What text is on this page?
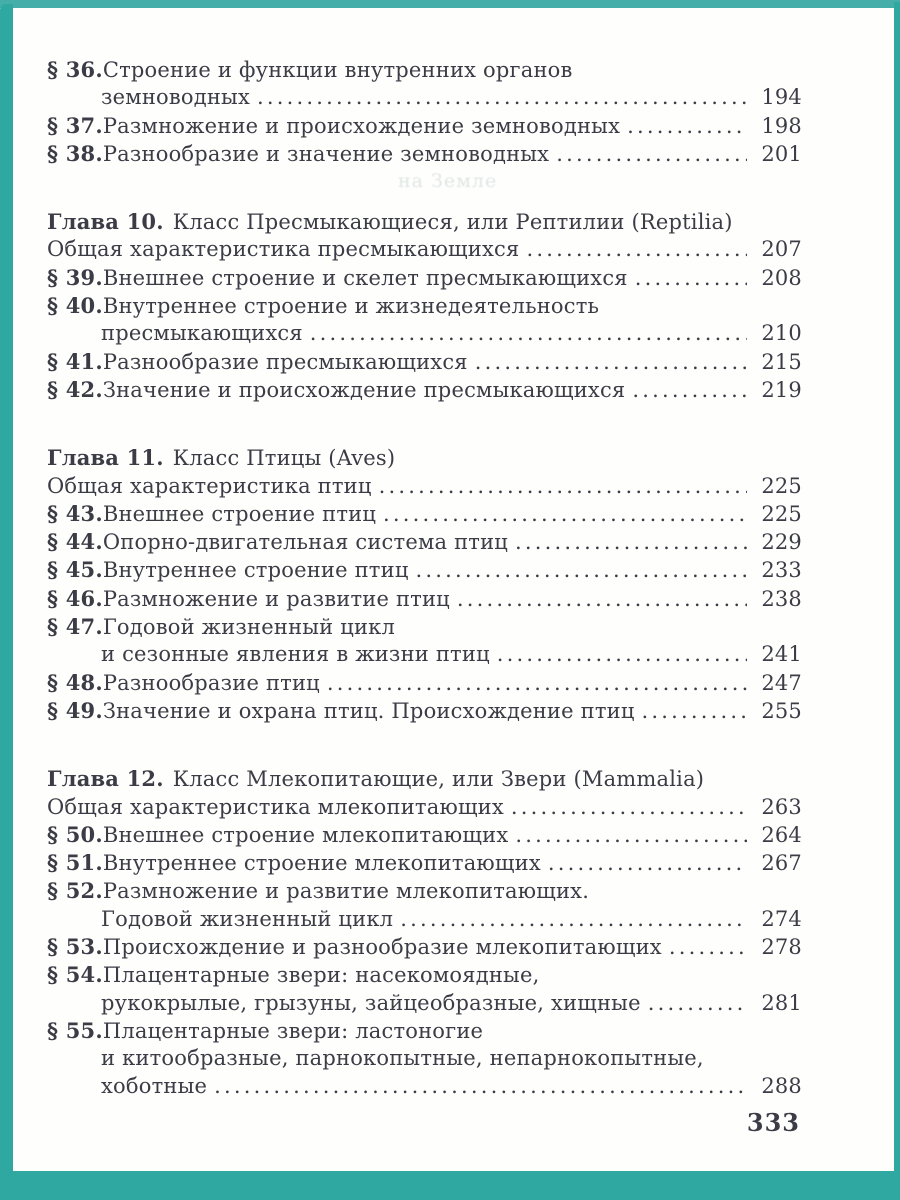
на Земле
§ 36. Строение и функции внутренних органов
земноводных .....	194
§ 37. Размножение и происхождение земноводных .....	198
§ 38. Разнообразие и значение земноводных .....	201
Глава 10. Класс Пресмыкающиеся, или Рептилии (Reptilia)
Общая характеристика пресмыкающихся .....	207
§ 39. Внешнее строение и скелет пресмыкающихся .....	208
§ 40. Внутреннее строение и жизнедеятельность
пресмыкающихся .....	210
§ 41. Разнообразие пресмыкающихся .....	215
§ 42. Значение и происхождение пресмыкающихся .....	219
Глава 11. Класс Птицы (Aves)
Общая характеристика птиц .....	225
§ 43. Внешнее строение птиц .....	225
§ 44. Опорно-двигательная система птиц .....	229
§ 45. Внутреннее строение птиц .....	233
§ 46. Размножение и развитие птиц .....	238
§ 47. Годовой жизненный цикл
и сезонные явления в жизни птиц .....	241
§ 48. Разнообразие птиц .....	247
§ 49. Значение и охрана птиц. Происхождение птиц .....	255
Глава 12. Класс Млекопитающие, или Звери (Mammalia)
Общая характеристика млекопитающих .....	263
§ 50. Внешнее строение млекопитающих .....	264
§ 51. Внутреннее строение млекопитающих .....	267
§ 52. Размножение и развитие млекопитающих.
Годовой жизненный цикл .....	274
§ 53. Происхождение и разнообразие млекопитающих .....	278
§ 54. Плацентарные звери: насекомоядные,
рукокрылые, грызуны, зайцеобразные, хищные .....	281
§ 55. Плацентарные звери: ластоногие
и китообразные, парнокопытные, непарнокопытные,
хоботные .....	288
333
